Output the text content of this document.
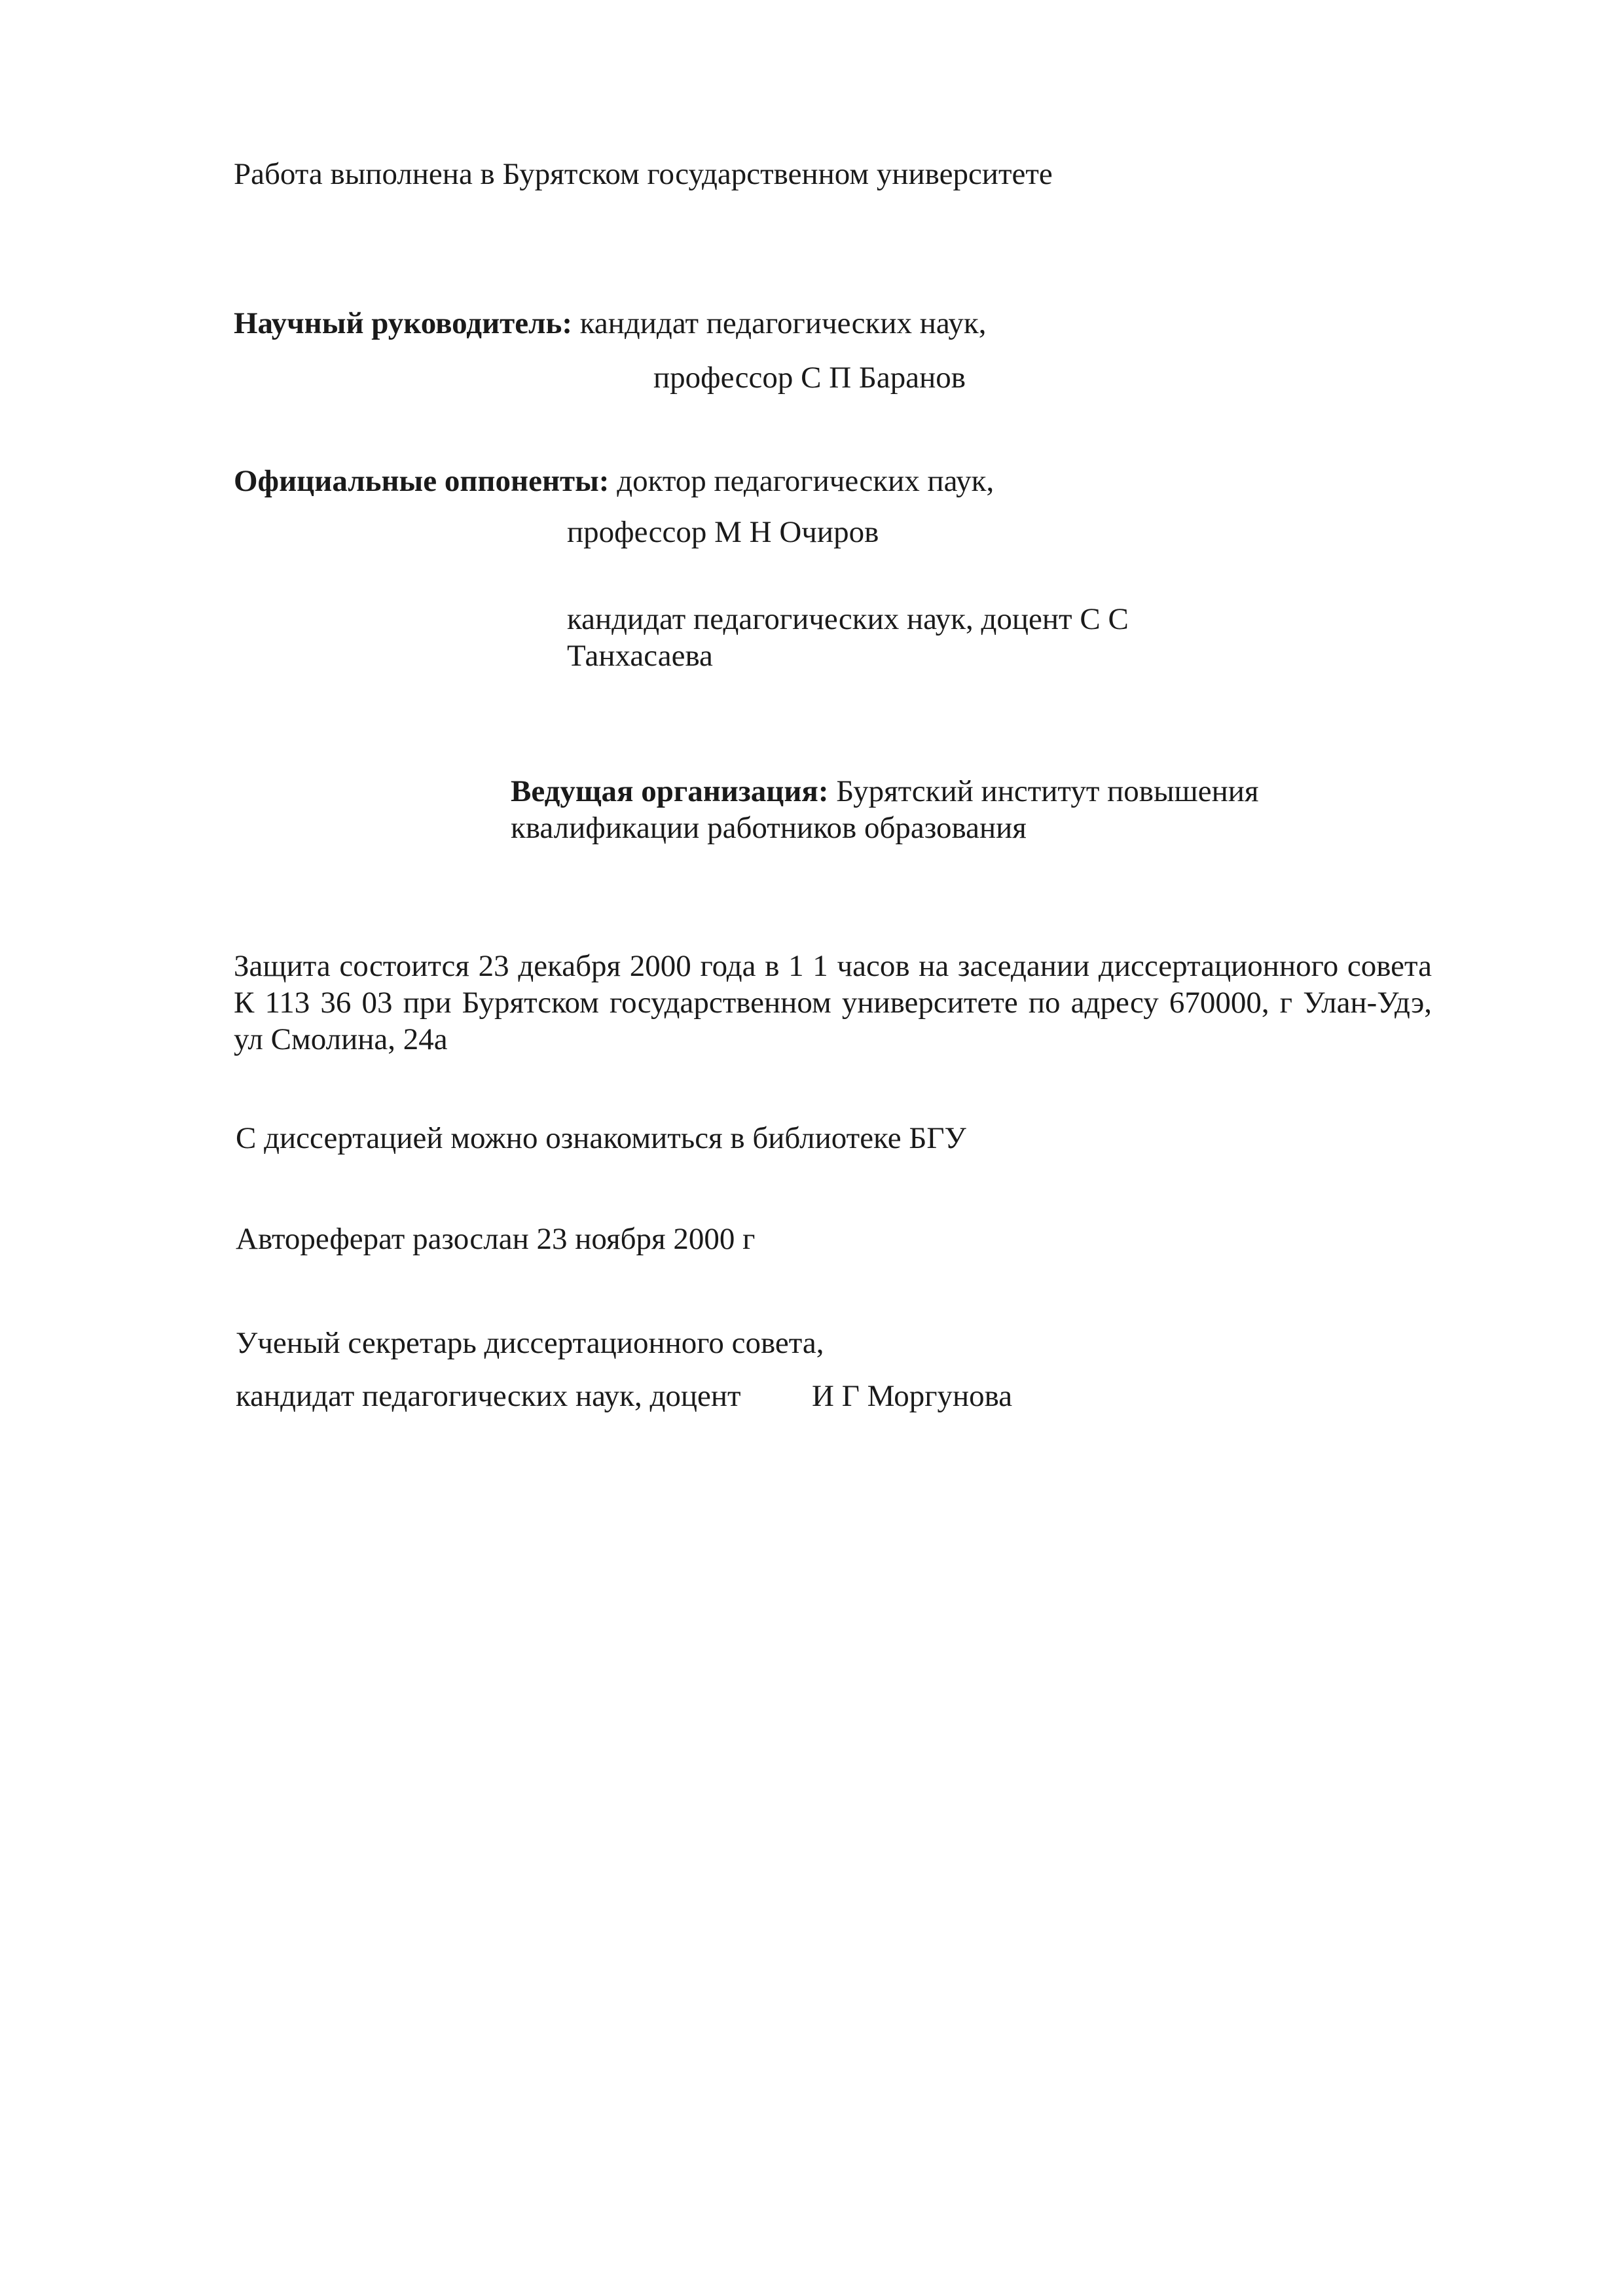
Работа выполнена в Бурятском государственном университете
Научный руководитель: кандидат педагогических наук,
профессор С П Баранов
Официальные оппоненты: доктор педагогических паук,
профессор М Н Очиров
кандидат педагогических наук, доцент С С
Танхасаева
Ведущая организация: Бурятский институт повышения
квалификации работников образования
Защита состоится 23 декабря 2000 года в 1 1 часов на заседании диссертационного совета К 113 36 03 при Бурятском государственном университете по адресу 670000, г Улан-Удэ, ул Смолина, 24а
С диссертацией можно ознакомиться в библиотеке БГУ
Автореферат разослан 23 ноября 2000 г
Ученый секретарь диссертационного совета,
кандидат педагогических наук, доцент И Г Моргунова
